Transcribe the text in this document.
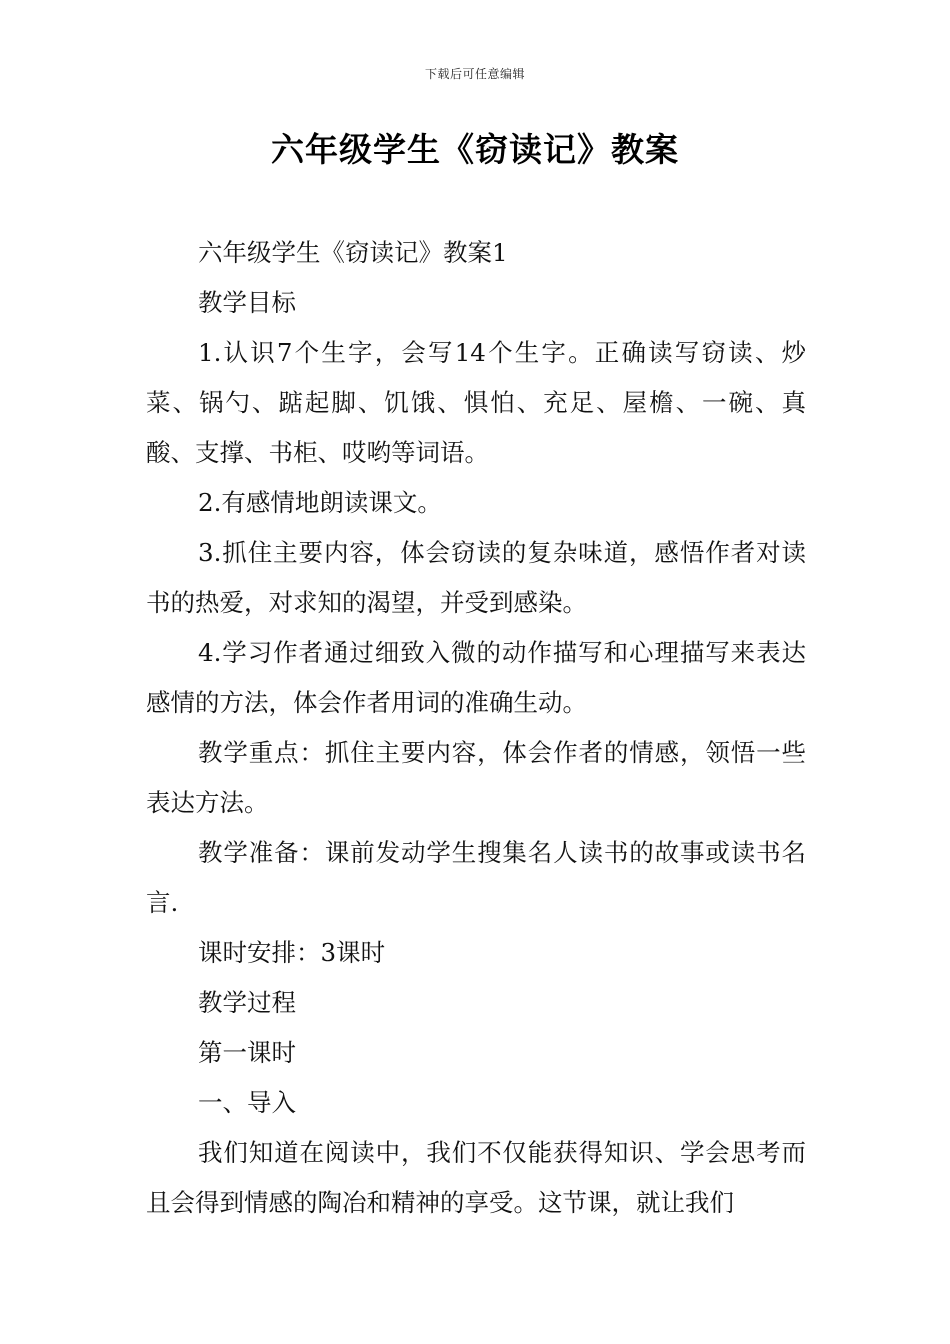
下载后可任意编辑
六年级学生《窃读记》教案

六年级学生《窃读记》教案1

教学目标

1.认识7个生字，会写14个生字。正确读写窃读、炒菜、锅勺、踮起脚、饥饿、惧怕、充足、屋檐、一碗、真酸、支撑、书柜、哎哟等词语。

2.有感情地朗读课文。

3.抓住主要内容，体会窃读的复杂味道，感悟作者对读书的热爱，对求知的渴望，并受到感染。

4.学习作者通过细致入微的动作描写和心理描写来表达感情的方法，体会作者用词的准确生动。

教学重点：抓住主要内容，体会作者的情感，领悟一些表达方法。

教学准备：课前发动学生搜集名人读书的故事或读书名言.

课时安排：3课时

教学过程

第一课时

一、导入

我们知道在阅读中，我们不仅能获得知识、学会思考而且会得到情感的陶冶和精神的享受。这节课，就让我们
